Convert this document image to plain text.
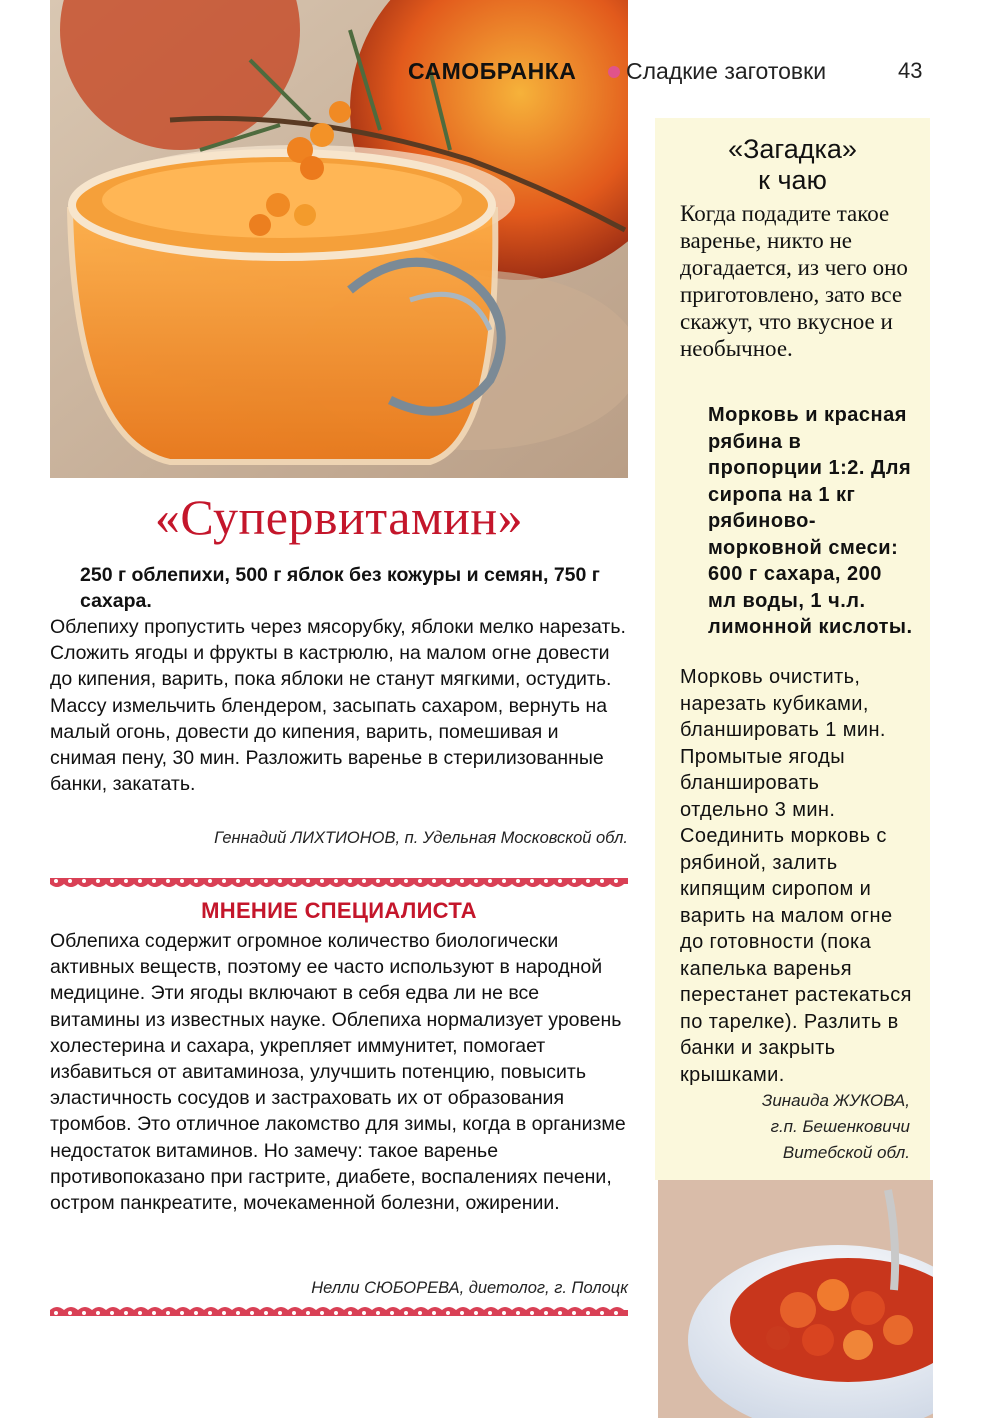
САМОБРАНКА Сладкие заготовки	43
«Супервитамин»
250 г облепихи, 500 г яблок без кожуры и семян, 750 г сахара.
Облепиху пропустить через мясорубку, яблоки мелко нарезать. Сложить ягоды и фрукты в кастрюлю, на малом огне довести до кипения, варить, пока яблоки не станут мягкими, остудить. Массу измельчить блендером, засыпать сахаром, вернуть на малый огонь, довести до кипения, варить, помешивая и снимая пену, 30 мин. Разложить варенье в стерилизованные банки, закатать.
Геннадий ЛИХТИОНОВ, п. Удельная Московской обл.
МНЕНИЕ СПЕЦИАЛИСТА
Облепиха содержит огромное количество биологически активных веществ, поэтому ее часто используют в народной медицине. Эти ягоды включают в себя едва ли не все витамины из известных науке. Облепиха нормализует уровень холестерина и сахара, укрепляет иммунитет, помогает избавиться от авитаминоза, улучшить потенцию, повысить эластичность сосудов и застраховать их от образования тромбов. Это отличное лакомство для зимы, когда в организме недостаток витаминов. Но замечу: такое варенье противопоказано при гастрите, диабете, воспалениях печени, остром панкреатите, мочекаменной болезни, ожирении.
Нелли СЮБОРЕВА, диетолог, г. Полоцк
«Загадка»
к чаю
Когда подадите такое варенье, никто не догадается, из чего оно приготовлено, зато все скажут, что вкусное и необычное.
Морковь и красная рябина в пропорции 1:2. Для сиропа на 1 кг рябиново-морковной смеси: 600 г сахара, 200 мл воды, 1 ч.л. лимонной кислоты.
Морковь очистить, нарезать кубиками, бланшировать 1 мин. Промытые ягоды бланшировать отдельно 3 мин. Соединить морковь с рябиной, залить кипящим сиропом и варить на малом огне до готовности (пока капелька варенья перестанет растекаться по тарелке). Разлить в банки и закрыть крышками.
Зинаида ЖУКОВА,
г.п. Бешенковичи
Витебской обл.
